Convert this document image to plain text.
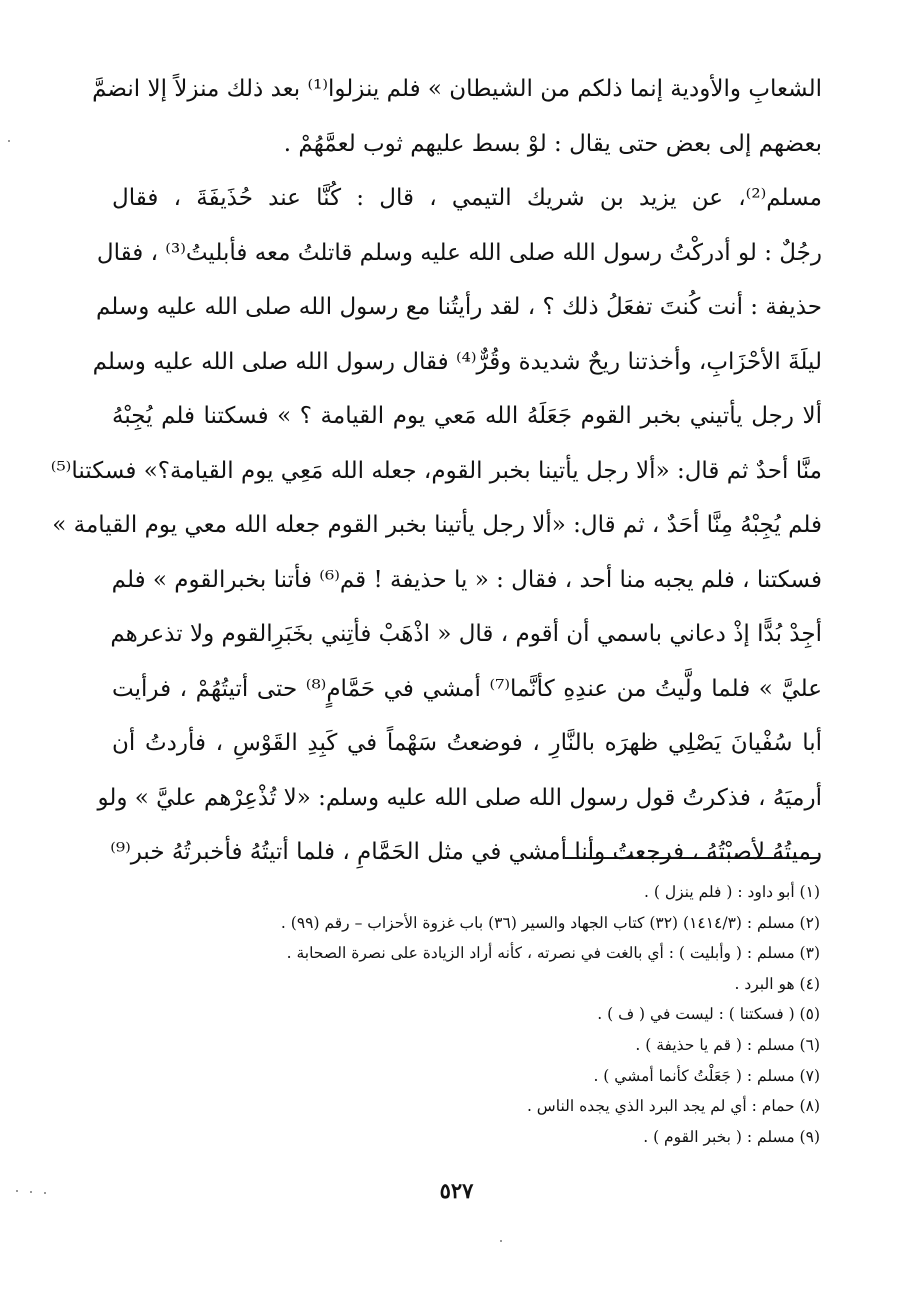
الشعابِ والأودية إنما ذلكم من الشيطان » فلم ينزلوا⁽¹⁾ بعد ذلك منزلاً إلا انضمَّ
بعضهم إلى بعض حتى يقال : لوْ بسط عليهم ثوب لعمَّهُمْ .
مسلم⁽²⁾، عن يزيد بن شريك التيمي ، قال : كُنَّا عند حُذَيفَةَ ، فقال
رجُلٌ : لو أدركْتُ رسول الله صلى الله عليه وسلم قاتلتُ معه فأبليتُ⁽³⁾ ، فقال
حذيفة : أنت كُنتَ تفعَلُ ذلك ؟ ، لقد رأيتُنا مع رسول الله صلى الله عليه وسلم
ليلَةَ الأحْزَابِ، وأخذتنا ريحٌ شديدة وقُرٌّ⁽⁴⁾ فقال رسول الله صلى الله عليه وسلم
ألا رجل يأتيني بخبر القوم جَعَلَهُ الله مَعي يوم القيامة ؟ » فسكتنا فلم يُجِبْهُ
منَّا أحدٌ ثم قال: «ألا رجل يأتينا بخبر القوم، جعله الله مَعِي يوم القيامة؟» فسكتنا⁽⁵⁾
فلم يُجِبْهُ مِنَّا أحَدٌ ، ثم قال: «ألا رجل يأتينا بخبر القوم جعله الله معي يوم القيامة »
فسكتنا ، فلم يجبه منا أحد ، فقال : « يا حذيفة ! قم⁽⁶⁾ فأتنا بخبرالقوم » فلم
أجِدْ بُدًّا إذْ دعاني باسمي أن أقوم ، قال « اذْهَبْ فأتِني بخَبَرِالقوم ولا تذعرهم
عليَّ » فلما ولَّيتُ من عندِهِ كأنَّما⁽⁷⁾ أمشي في حَمَّامٍ⁽⁸⁾ حتى أتيتُهُمْ ، فرأيت
أبا سُفْيانَ يَصْلِي ظهرَه بالنَّارِ ، فوضعتُ سَهْماً في كَبِدِ القَوْسِ ، فأردتُ أن
أرميَهُ ، فذكرتُ قول رسول الله صلى الله عليه وسلم: «لا تُذْعِرْهم عليَّ » ولو
رميتُهُ لأصبْتُهُ ، فرجعتُ وأنا أمشي في مثل الحَمَّامِ ، فلما أتيتُهُ فأخبرتُهُ خبر⁽⁹⁾
(١) أبو داود : ( فلم ينزل ) .
(٢) مسلم : (١٤١٤/٣) (٣٢) كتاب الجهاد والسير (٣٦) باب غزوة الأحزاب – رقم (٩٩) .
(٣) مسلم : ( وأبليت ) : أي بالغت في نصرته ، كأنه أراد الزيادة على نصرة الصحابة .
(٤) هو البرد .
(٥) ( فسكتنا ) : ليست في ( ف ) .
(٦) مسلم : ( قم يا حذيفة ) .
(٧) مسلم : ( جَعَلْتُ كأنما أمشي ) .
(٨) حمام : أي لم يجد البرد الذي يجده الناس .
(٩) مسلم : ( بخبر القوم ) .
٥٢٧
